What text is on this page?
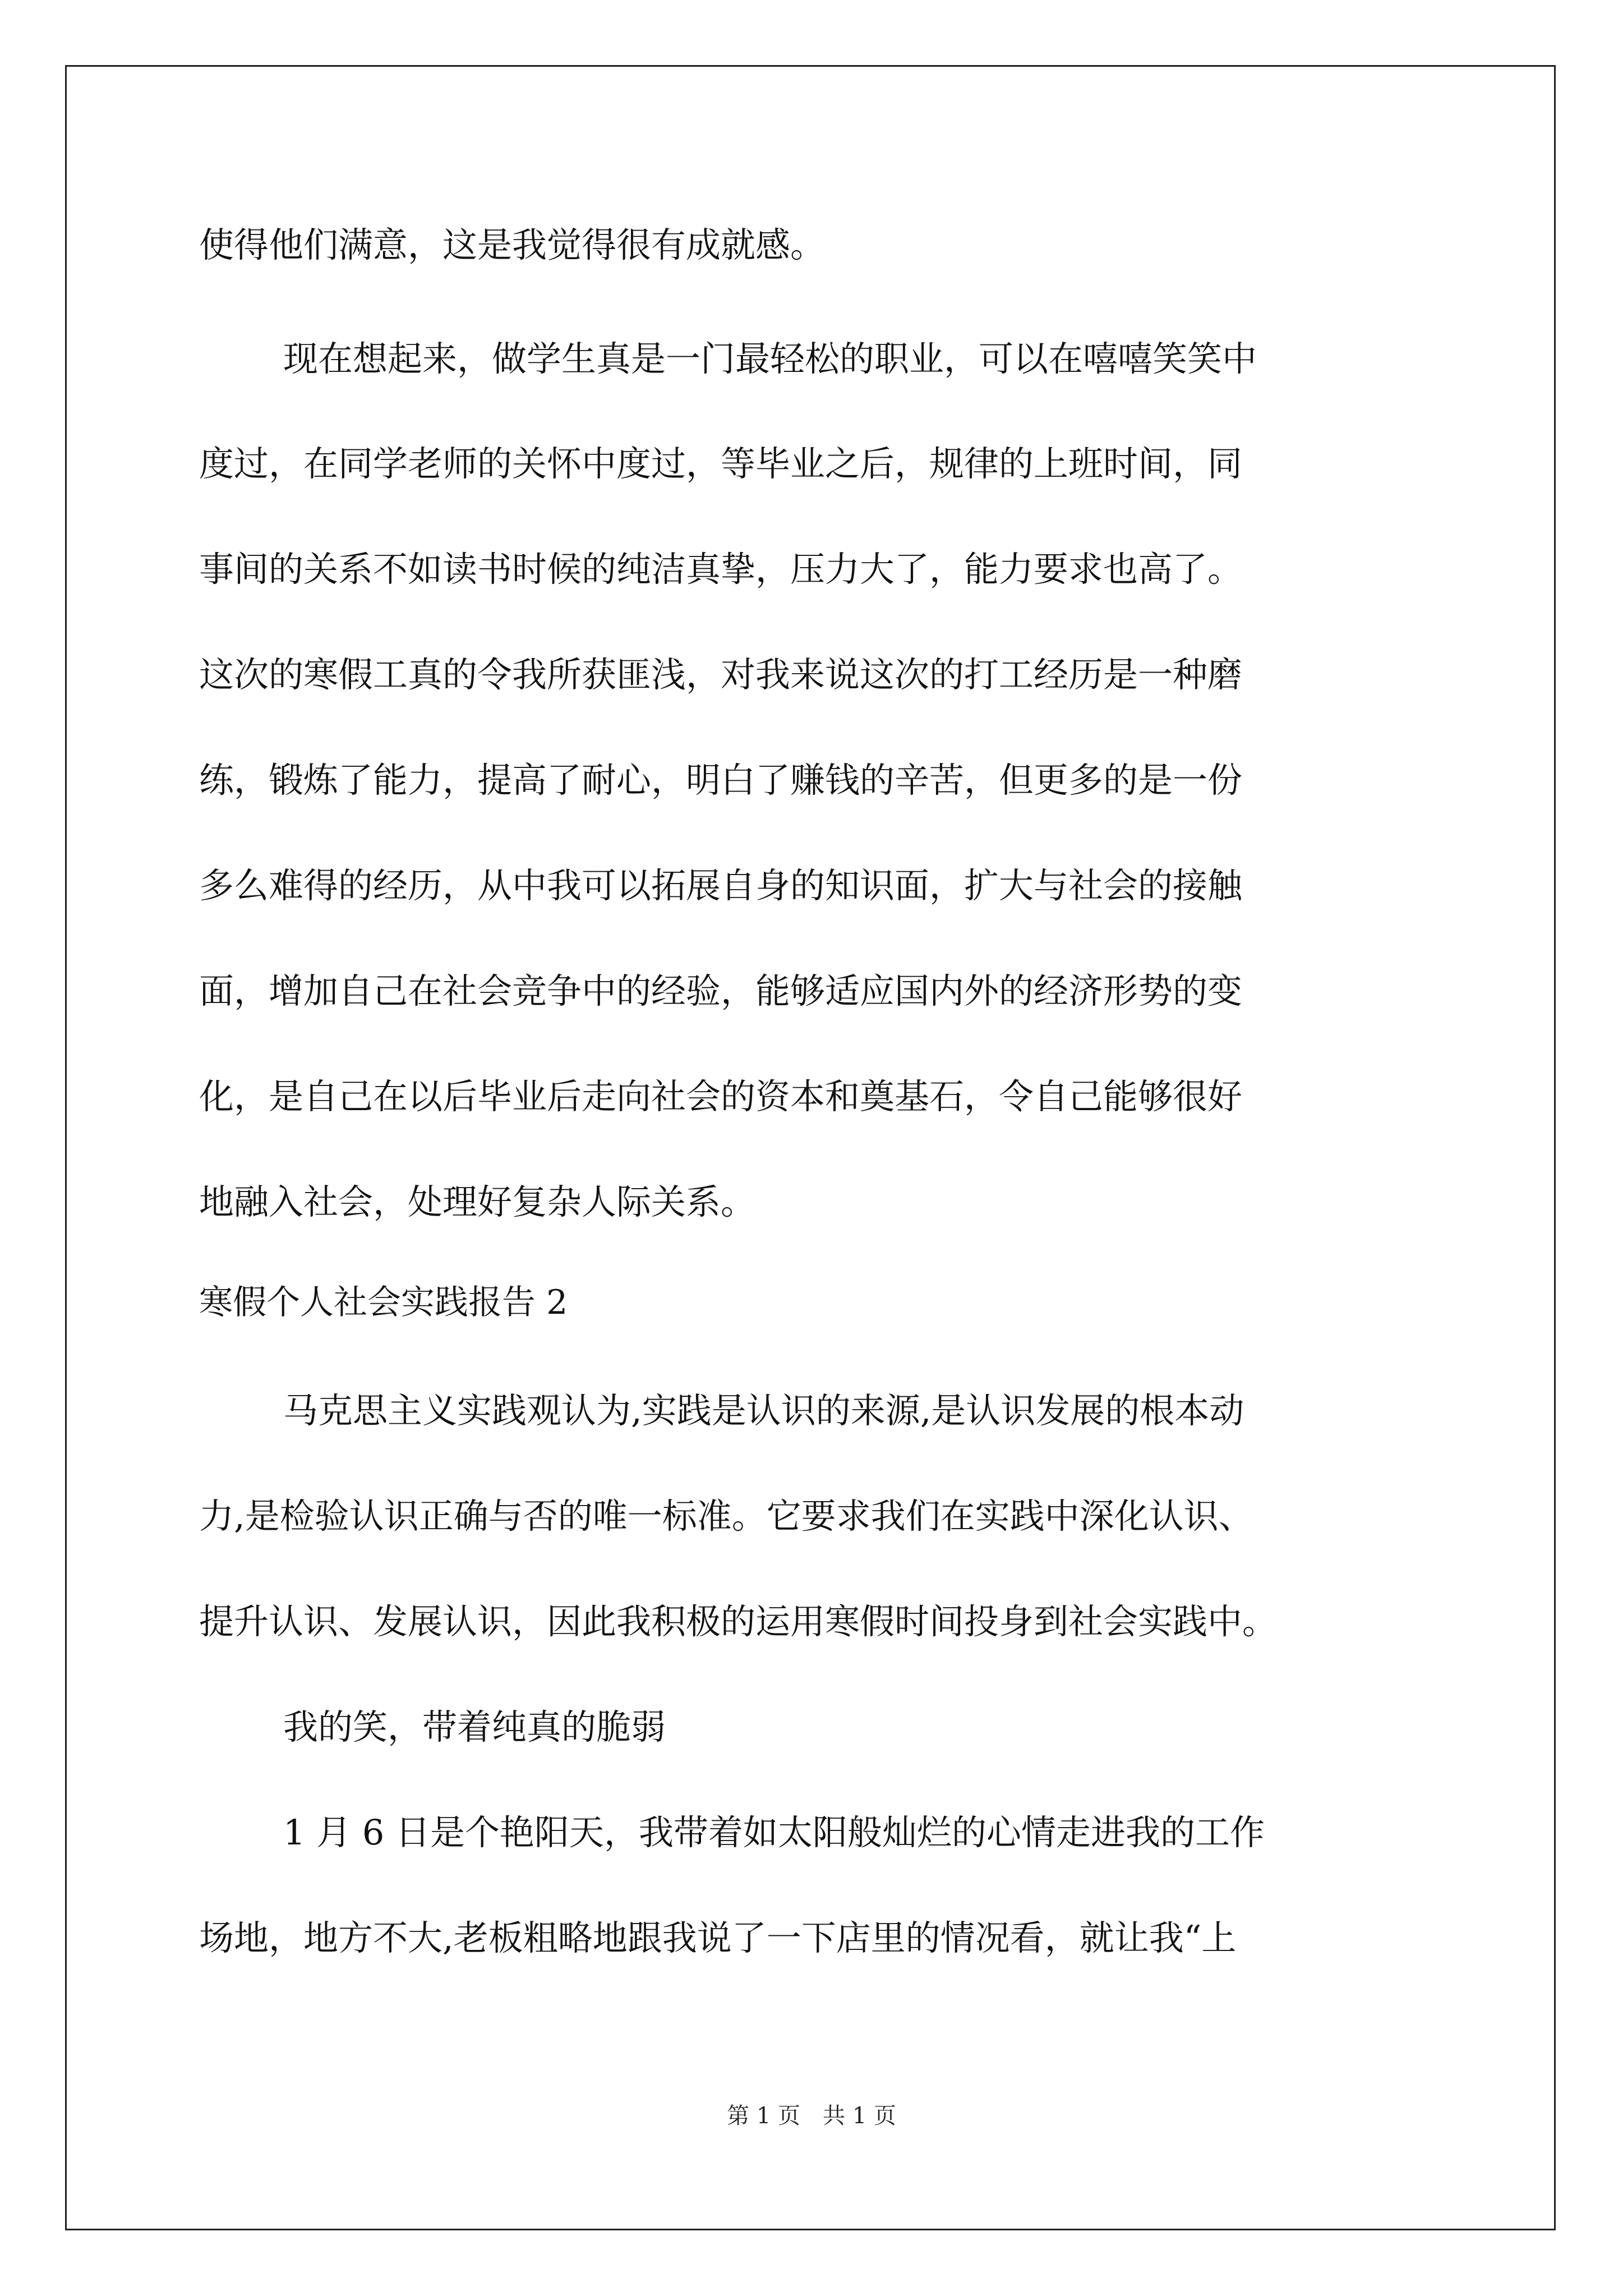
使得他们满意，这是我觉得很有成就感。
现在想起来，做学生真是一门最轻松的职业，可以在嘻嘻笑笑中
度过，在同学老师的关怀中度过，等毕业之后，规律的上班时间，同
事间的关系不如读书时候的纯洁真挚，压力大了，能力要求也高了。
这次的寒假工真的令我所获匪浅，对我来说这次的打工经历是一种磨
练，锻炼了能力，提高了耐心，明白了赚钱的辛苦，但更多的是一份
多么难得的经历，从中我可以拓展自身的知识面，扩大与社会的接触
面，增加自己在社会竞争中的经验，能够适应国内外的经济形势的变
化，是自己在以后毕业后走向社会的资本和奠基石，令自己能够很好
地融入社会，处理好复杂人际关系。
寒假个人社会实践报告 2
马克思主义实践观认为,实践是认识的来源,是认识发展的根本动
力,是检验认识正确与否的唯一标准。它要求我们在实践中深化认识、
提升认识、发展认识，因此我积极的运用寒假时间投身到社会实践中。
我的笑，带着纯真的脆弱
1 月 6 日是个艳阳天，我带着如太阳般灿烂的心情走进我的工作
场地，地方不大,老板粗略地跟我说了一下店里的情况看，就让我“上
第 1 页　共 1 页
